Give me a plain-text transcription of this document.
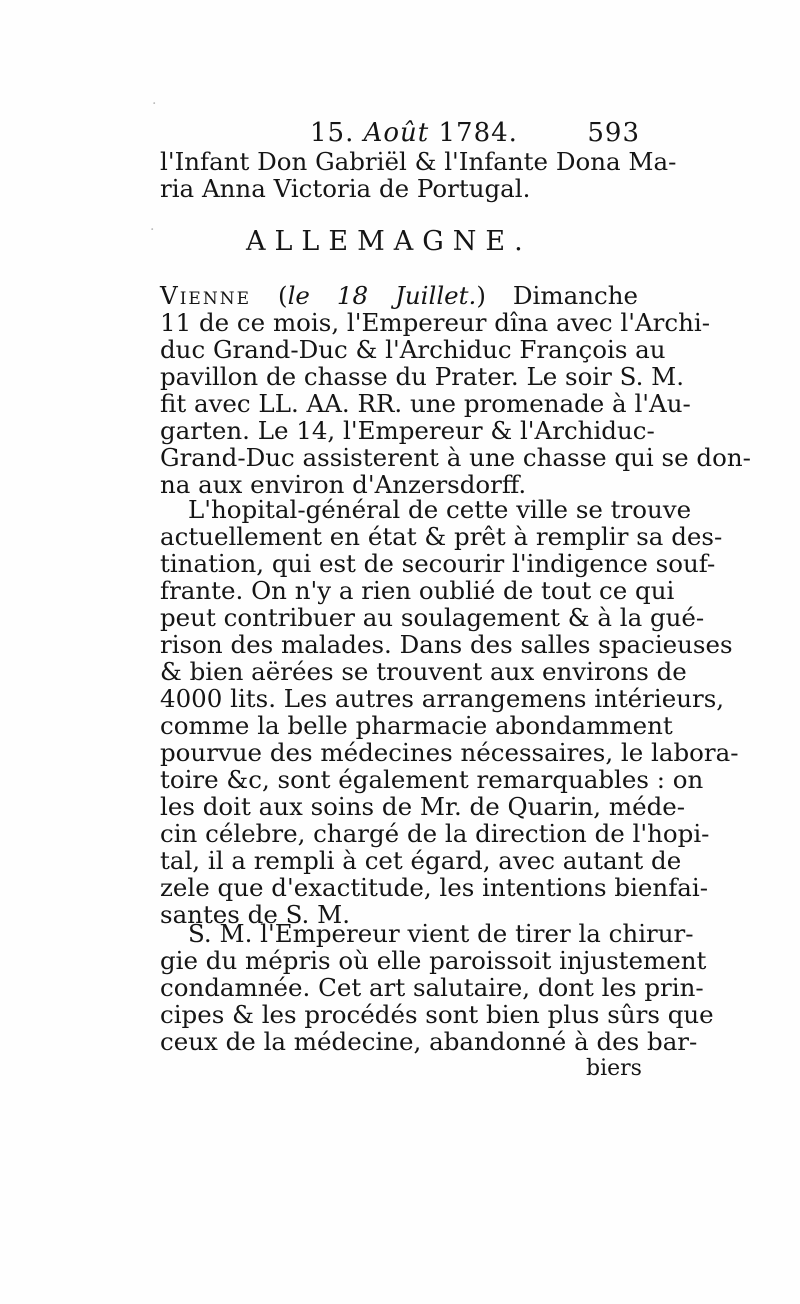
·
·
15. Août 1784.	593
l'Infant Don Gabriël & l'Infante Dona Ma-
ria Anna Victoria de Portugal.
ALLEMAGNE.
Vienne (le 18 Juillet.) Dimanche
11 de ce mois, l'Empereur dîna avec l'Archi-
duc Grand-Duc & l'Archiduc François au
pavillon de chasse du Prater. Le soir S. M.
fit avec LL. AA. RR. une promenade à l'Au-
garten. Le 14, l'Empereur & l'Archiduc-
Grand-Duc assisterent à une chasse qui se don-
na aux environ d'Anzersdorff.
L'hopital-général de cette ville se trouve
actuellement en état & prêt à remplir sa des-
tination, qui est de secourir l'indigence souf-
frante. On n'y a rien oublié de tout ce qui
peut contribuer au soulagement & à la gué-
rison des malades. Dans des salles spacieuses
& bien aërées se trouvent aux environs de
4000 lits. Les autres arrangemens intérieurs,
comme la belle pharmacie abondamment
pourvue des médecines nécessaires, le labora-
toire &c, sont également remarquables : on
les doit aux soins de Mr. de Quarin, méde-
cin célebre, chargé de la direction de l'hopi-
tal, il a rempli à cet égard, avec autant de
zele que d'exactitude, les intentions bienfai-
santes de S. M.
S. M. l'Empereur vient de tirer la chirur-
gie du mépris où elle paroissoit injustement
condamnée. Cet art salutaire, dont les prin-
cipes & les procédés sont bien plus sûrs que
ceux de la médecine, abandonné à des bar-
biers
